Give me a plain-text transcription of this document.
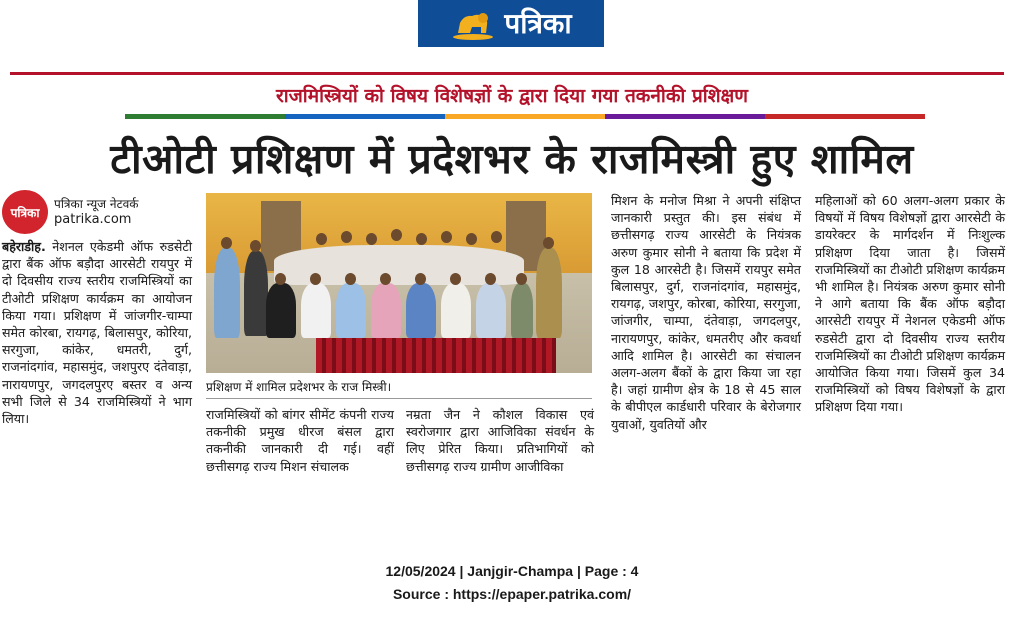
पत्रिका
राजमिस्त्रियों को विषय विशेषज्ञों के द्वारा दिया गया तकनीकी प्रशिक्षण
टीओटी प्रशिक्षण में प्रदेशभर के राजमिस्त्री हुए शामिल
पत्रिका
पत्रिका न्यूज नेटवर्क
patrika.com
बहेराडीह. नेशनल एकेडमी ऑफ रुडसेटी द्वारा बैंक ऑफ बड़ौदा आरसेटी रायपुर में दो दिवसीय राज्य स्तरीय राजमिस्त्रियों का टीओटी प्रशिक्षण कार्यक्रम का आयोजन किया गया। प्रशिक्षण में जांजगीर-चाम्पा समेत कोरबा, रायगढ़, बिलासपुर, कोरिया, सरगुजा, कांकेर, धमतरी, दुर्ग, राजनांदगांव, महासमुंद, जशपुरए दंतेवाड़ा, नारायणपुर, जगदलपुरए बस्तर व अन्य सभी जिले से 34 राजमिस्त्रियों ने भाग लिया।
प्रशिक्षण में शामिल प्रदेशभर के राज मिस्त्री।
राजमिस्त्रियों को बांगर सीमेंट कंपनी राज्य तकनीकी प्रमुख धीरज बंसल द्वारा तकनीकी जानकारी दी गई। वहीं छत्तीसगढ़ राज्य मिशन संचालक
नम्रता जैन ने कौशल विकास एवं स्वरोजगार द्वारा आजिविका संवर्धन के लिए प्रेरित किया। प्रतिभागियों को छत्तीसगढ़ राज्य ग्रामीण आजीविका
मिशन के मनोज मिश्रा ने अपनी संक्षिप्त जानकारी प्रस्तुत की। इस संबंध में छत्तीसगढ़ राज्य आरसेटी के नियंत्रक अरुण कुमार सोनी ने बताया कि प्रदेश में कुल 18 आरसेटी है। जिसमें रायपुर समेत बिलासपुर, दुर्ग, राजनांदगांव, महासमुंद, रायगढ़, जशपुर, कोरबा, कोरिया, सरगुजा, जांजगीर, चाम्पा, दंतेवाड़ा, जगदलपुर, नारायणपुर, कांकेर, धमतरीए और कवर्धा आदि शामिल है। आरसेटी का संचालन अलग-अलग बैंकों के द्वारा किया जा रहा है। जहां ग्रामीण क्षेत्र के 18 से 45 साल के बीपीएल कार्डधारी परिवार के बेरोजगार युवाओं, युवतियों और
महिलाओं को 60 अलग-अलग प्रकार के विषयों में विषय विशेषज्ञों द्वारा आरसेटी के डायरेक्टर के मार्गदर्शन में निःशुल्क प्रशिक्षण दिया जाता है। जिसमें राजमिस्त्रियों का टीओटी प्रशिक्षण कार्यक्रम भी शामिल है। नियंत्रक अरुण कुमार सोनी ने आगे बताया कि बैंक ऑफ बड़ौदा आरसेटी रायपुर में नेशनल एकेडमी ऑफ रुडसेटी द्वारा दो दिवसीय राज्य स्तरीय राजमिस्त्रियों का टीओटी प्रशिक्षण कार्यक्रम आयोजित किया गया। जिसमें कुल 34 राजमिस्त्रियों को विषय विशेषज्ञों के द्वारा प्रशिक्षण दिया गया।
12/05/2024 | Janjgir-Champa | Page : 4
Source : https://epaper.patrika.com/
